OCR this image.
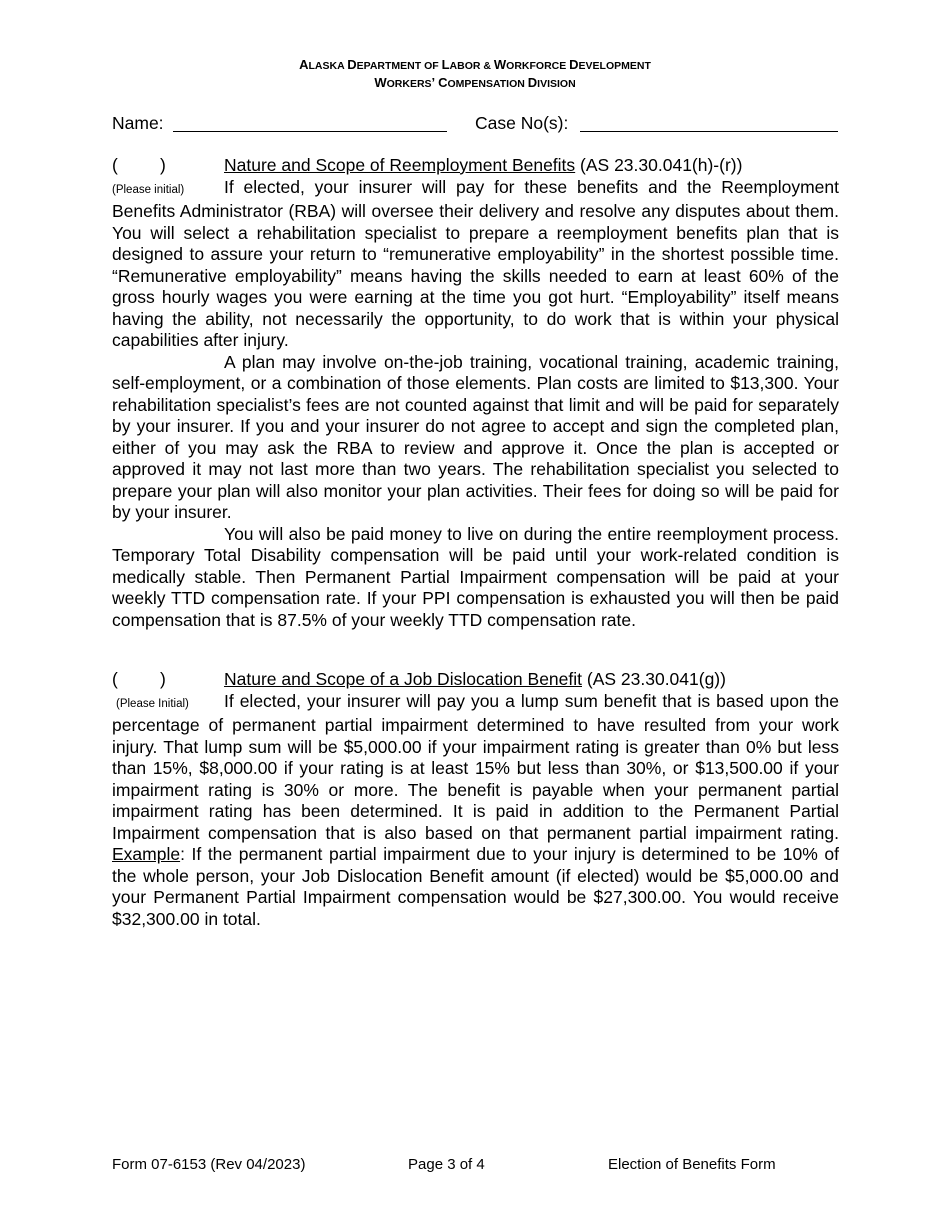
ALASKA DEPARTMENT OF LABOR & WORKFORCE DEVELOPMENT
WORKERS’ COMPENSATION DIVISION
Name:	Case No(s):
( )	Nature and Scope of Reemployment Benefits (AS 23.30.041(h)-(r))

(Please initial) If elected, your insurer will pay for these benefits and the Reemployment Benefits Administrator (RBA) will oversee their delivery and resolve any disputes about them. You will select a rehabilitation specialist to prepare a reemployment benefits plan that is designed to assure your return to “remunerative employability” in the shortest possible time. “Remunerative employability” means having the skills needed to earn at least 60% of the gross hourly wages you were earning at the time you got hurt. “Employability” itself means having the ability, not necessarily the opportunity, to do work that is within your physical capabilities after injury.

A plan may involve on-the-job training, vocational training, academic training, self-employment, or a combination of those elements. Plan costs are limited to $13,300. Your rehabilitation specialist’s fees are not counted against that limit and will be paid for separately by your insurer. If you and your insurer do not agree to accept and sign the completed plan, either of you may ask the RBA to review and approve it. Once the plan is accepted or approved it may not last more than two years. The rehabilitation specialist you selected to prepare your plan will also monitor your plan activities. Their fees for doing so will be paid for by your insurer.

You will also be paid money to live on during the entire reemployment process. Temporary Total Disability compensation will be paid until your work-related condition is medically stable. Then Permanent Partial Impairment compensation will be paid at your weekly TTD compensation rate. If your PPI compensation is exhausted you will then be paid compensation that is 87.5% of your weekly TTD compensation rate.

( )	Nature and Scope of a Job Dislocation Benefit (AS 23.30.041(g))

(Please Initial) If elected, your insurer will pay you a lump sum benefit that is based upon the percentage of permanent partial impairment determined to have resulted from your work injury. That lump sum will be $5,000.00 if your impairment rating is greater than 0% but less than 15%, $8,000.00 if your rating is at least 15% but less than 30%, or $13,500.00 if your impairment rating is 30% or more. The benefit is payable when your permanent partial impairment rating has been determined. It is paid in addition to the Permanent Partial Impairment compensation that is also based on that permanent partial impairment rating. Example: If the permanent partial impairment due to your injury is determined to be 10% of the whole person, your Job Dislocation Benefit amount (if elected) would be $5,000.00 and your Permanent Partial Impairment compensation would be $27,300.00. You would receive $32,300.00 in total.

Form 07-6153 (Rev 04/2023)	Page 3 of 4	Election of Benefits Form
